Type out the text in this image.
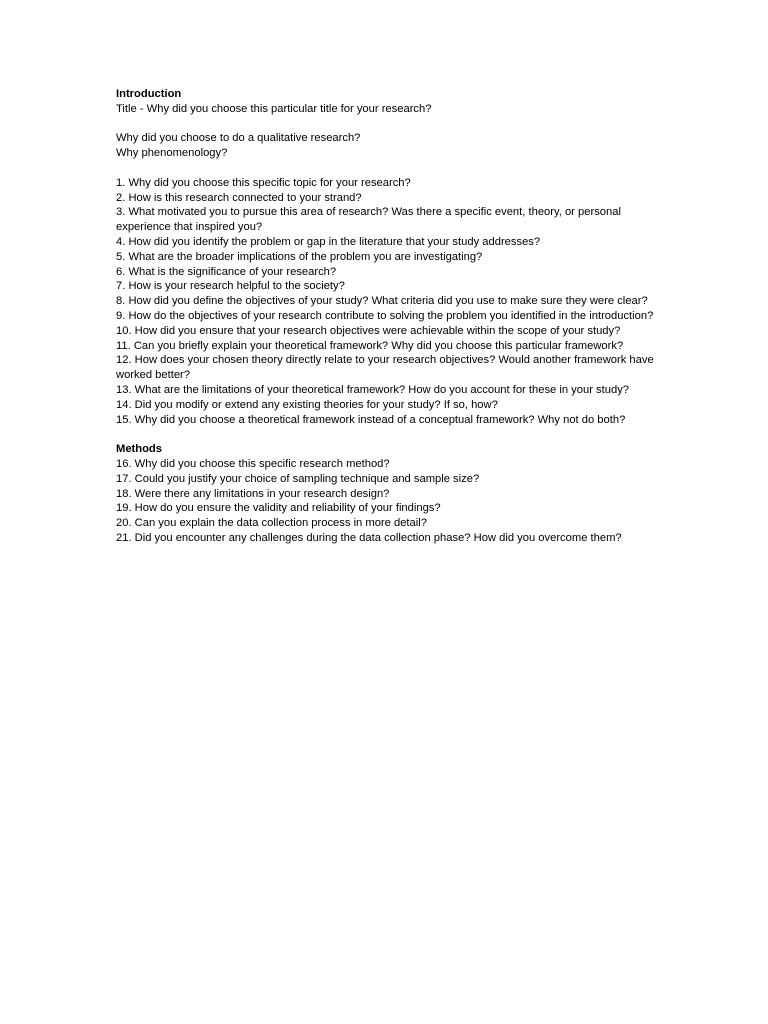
Introduction
Title - Why did you choose this particular title for your research?
Why did you choose to do a qualitative research?
Why phenomenology?
1. Why did you choose this specific topic for your research?
2. How is this research connected to your strand?
3. What motivated you to pursue this area of research? Was there a specific event, theory, or personal experience that inspired you?
4. How did you identify the problem or gap in the literature that your study addresses?
5. What are the broader implications of the problem you are investigating?
6. What is the significance of your research?
7. How is your research helpful to the society?
8. How did you define the objectives of your study? What criteria did you use to make sure they were clear?
9. How do the objectives of your research contribute to solving the problem you identified in the introduction?
10. How did you ensure that your research objectives were achievable within the scope of your study?
11. Can you briefly explain your theoretical framework? Why did you choose this particular framework?
12. How does your chosen theory directly relate to your research objectives? Would another framework have worked better?
13. What are the limitations of your theoretical framework? How do you account for these in your study?
14. Did you modify or extend any existing theories for your study? If so, how?
15. Why did you choose a theoretical framework instead of a conceptual framework? Why not do both?
Methods
16. Why did you choose this specific research method?
17. Could you justify your choice of sampling technique and sample size?
18. Were there any limitations in your research design?
19. How do you ensure the validity and reliability of your findings?
20. Can you explain the data collection process in more detail?
21. Did you encounter any challenges during the data collection phase? How did you overcome them?
